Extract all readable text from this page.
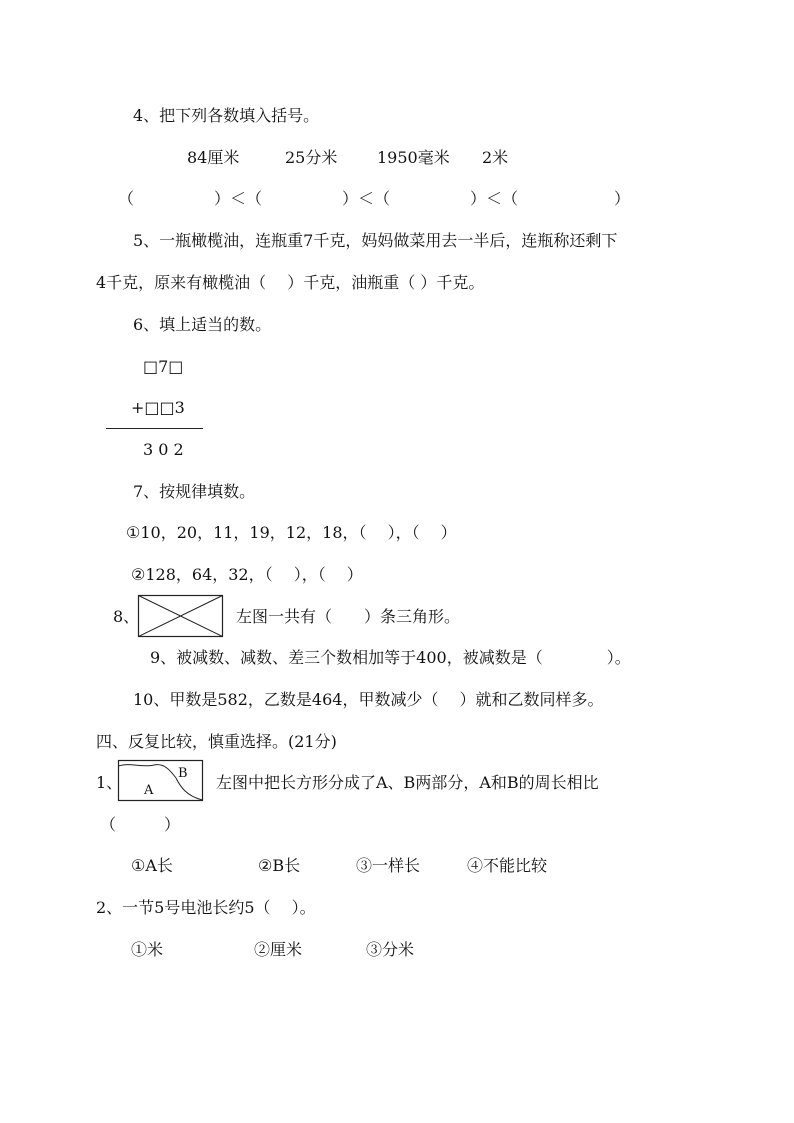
4、把下列各数填入括号。
84厘米	25分米 1950毫米 2米
（　　　　　）＜（　　　　　）＜（　　　　　）＜（　　　　　　）
5、一瓶橄榄油，连瓶重7千克，妈妈做菜用去一半后，连瓶称还剩下
4千克，原来有橄榄油（　 ）千克，油瓶重（ ）千克。
6、填上适当的数。
□7□
+□□3
3 0 2
7、按规律填数。
①10，20，11，19，12，18，（　 ），（　 ）
②128，64，32，（　 ），（　 ）
8、	左图一共有（　　）条三角形。
9、被减数、减数、差三个数相加等于400，被减数是（　　　　）。
10、甲数是582，乙数是464，甲数减少（　 ）就和乙数同样多。
四、反复比较，慎重选择。(21分)
1、 A
B 左图中把长方形分成了A、B两部分，A和B的周长相比
（　　　）
①A长	②B长	③一样长	④不能比较
2、一节5号电池长约5（　 ）。
①米	②厘米	③分米
